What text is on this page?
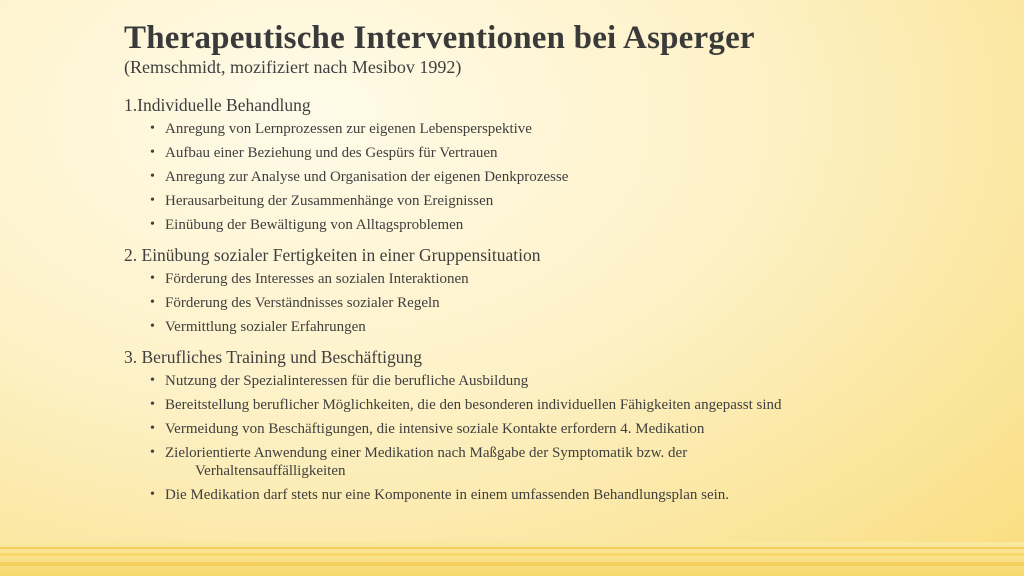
Therapeutische Interventionen bei Asperger
(Remschmidt, mozifiziert nach Mesibov 1992)
1.Individuelle Behandlung
• Anregung von Lernprozessen zur eigenen Lebensperspektive
• Aufbau einer Beziehung und des Gespürs für Vertrauen
• Anregung zur Analyse und Organisation der eigenen Denkprozesse
• Herausarbeitung der Zusammenhänge von Ereignissen
• Einübung der Bewältigung von Alltagsproblemen
2. Einübung sozialer Fertigkeiten in einer Gruppensituation
• Förderung des Interesses an sozialen Interaktionen
• Förderung des Verständnisses sozialer Regeln
• Vermittlung sozialer Erfahrungen
3. Berufliches Training und Beschäftigung
• Nutzung der Spezialinteressen für die berufliche Ausbildung
• Bereitstellung beruflicher Möglichkeiten, die den besonderen individuellen Fähigkeiten angepasst sind
• Vermeidung von Beschäftigungen, die intensive soziale Kontakte erfordern 4. Medikation
• Zielorientierte Anwendung einer Medikation nach Maßgabe der Symptomatik bzw. der
Verhaltensauffälligkeiten
• Die Medikation darf stets nur eine Komponente in einem umfassenden Behandlungsplan sein.
